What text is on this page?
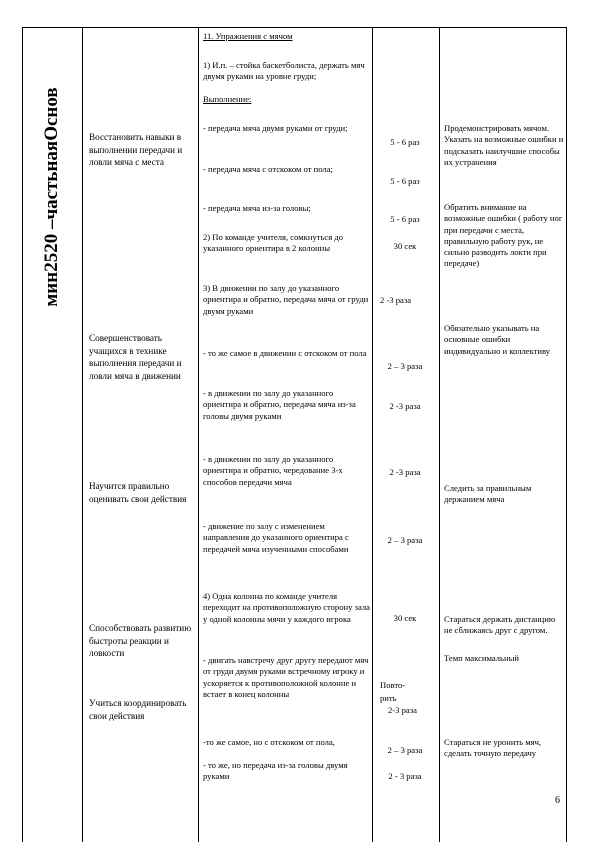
мин2520 –частьнаяОснов	Восстановить навыки в выполнении передачи и ловли мяча с места
Совершенствовать учащихся в технике выполнения передачи и ловли мяча в движении
Научится правильно оценивать свои действия
Способствовать развитию быстроты реакции и ловкости
Учиться координировать свои действия
11. Упражнения с мячом
1) И.п. – стойка баскетболиста, держать мяч двумя руками на уровне груди;
Выполнение:
- передача мяча двумя руками от груди;
- передача мяча с отскоком от пола;
- передача мяча из-за головы;
2) По команде учителя, сомкнуться до указанного ориентира в 2 колонны
3) В движении по залу до указанного ориентира и обратно, передача мяча от груди двумя руками
- то же самое в движении с отскоком от пола
- в движении по залу до указанного ориентира и обратно, передача мяча из-за головы двумя руками
- в движении по залу до указанного ориентира и обратно, чередование 3-х способов передачи мяча
- движение по залу с изменением направления до указанного ориентира с передачей мяча изученными способами
4) Одна колонна по команде учителя переходит на противоположную сторону зала у одной колонны мячи у каждого игрока
- двигать навстречу друг другу передают мяч от груди двумя руками встречному игроку и ускоряется к противоположной колонне и встает в конец колонны
-то же самое, но с отскоком от пола,
- то же, но передача из-за головы двумя руками
5 - 6 раз
5 - 6 раз
5 - 6 раз
30 сек
2 -3 раза
2 – 3 раза
2 -3 раза
2 -3 раза
2 – 3 раза
30 сек
Повто-
рить
2-3 раза
2 – 3 раза
2 - 3 раза
Продемонстрировать мячом. Указать на возможные ошибки и подсказать наилучшие способы их устранения
Обратить внимание на возможные ошибки ( работу ног при передачи с места, правильную работу рук, не сильно разводить локти при передаче)
Обязательно указывать на основные ошибки индивидуально и коллективу
Следить за правильным держанием мяча
Стараться держать дистанцию не сближаясь друг с другом.
Темп максимальный
Стараться не уронить мяч, сделать точную передачу
6
